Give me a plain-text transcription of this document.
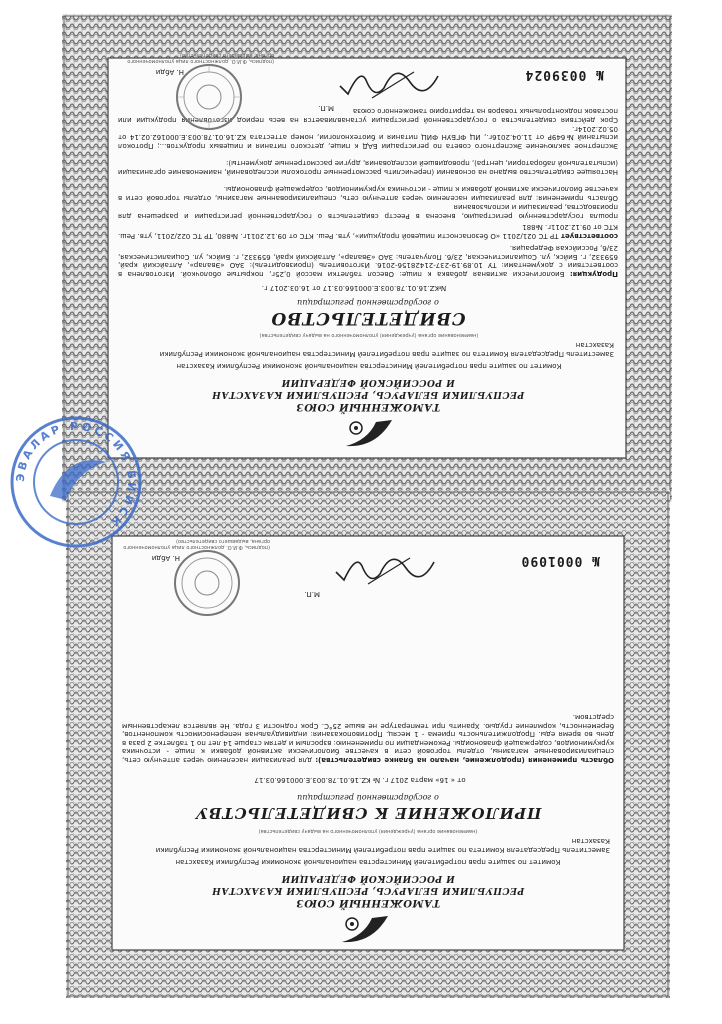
ТАМОЖЕННЫЙ СОЮЗ
РЕСПУБЛИКИ БЕЛАРУСЬ, РЕСПУБЛИКИ КАЗАХСТАН
И РОССИЙСКОЙ ФЕДЕРАЦИИ
Комитет по защите прав потребителей Министерства национальной экономики Республики Казахстан
Заместитель Председателя Комитета по защите прав потребителей Министерства национальной экономики Республики Казахстан
(наименование органа (учреждения) уполномоченного на выдачу свидетельства)
СВИДЕТЕЛЬСТВО
о государственной регистрации
№KZ.16.01.78.003.Е.000166.03.17 от 16.03.2017 г.
Продукция: Биологически активная добавка к пище: Овесол таблетки массой 0,25г, покрытые оболочкой. Изготовлена в соответствии с документами: ТУ 10.89.19-237-21428156-2016. Изготовитель (производитель): ЗАО «Эвалар», Алтайский край, 659332, г. Бийск, ул. Социалистическая, 23/6. Получатель: ЗАО «Эвалар», Алтайский край, 659332, г. Бийск, ул. Социалистическая, 23/6, Российская Федерация.
соответствует ТР ТС 021/2011 «О безопасности пищевой продукции», утв. Реш. КТС от 09.12.2011г. №880, ТР ТС 022/2011, утв. Реш. КТС от 09.12.2011г. №881
прошла государственную регистрацию, внесена в Реестр свидетельств о государственной регистрации и разрешена для производства, реализации и использования
Область применения: для реализации населению через аптечную сеть, специализированные магазины, отделы торговой сети в качестве биологически активной добавки к пище - источника куркуминоидов, содержащей флавоноиды.
Настоящее свидетельство выдано на основании (перечислить рассмотренные протоколы исследований, наименование организации (испытательной лаборатории, центра), проводившей исследования, другие рассмотренные документы):
Экспертное заключение Экспертного совета по регистрации БАД к пище, детского питания и пищевых продуктов...; Протокол испытаний №649Р от 11.04.2016г., ИЦ ФГБУН ФИЦ питания и биотехнологии, номер аттестата KZ.16.01.78.003.Е.000162.02.14 от 05.02.2014г.
Срок действия свидетельства о государственной регистрации устанавливается на весь период изготовления продукции или поставок подконтрольных товаров на территорию таможенного союза
М.П.
Н. Абди
(подпись, Ф.И.О. должностного лица уполномоченного органа, выдавшего свидетельство)
№ 0039024
ТАМОЖЕННЫЙ СОЮЗ
РЕСПУБЛИКИ БЕЛАРУСЬ, РЕСПУБЛИКИ КАЗАХСТАН
И РОССИЙСКОЙ ФЕДЕРАЦИИ
Комитет по защите прав потребителей Министерства национальной экономики Республики Казахстан
Заместитель Председателя Комитета по защите прав потребителей Министерства национальной экономики Республики Казахстан
(наименование органа (учреждения) уполномоченного на выдачу свидетельства)
ПРИЛОЖЕНИЕ К СВИДЕТЕЛЬСТВУ
о государственной регистрации
от « 16» марта 2017 г. № KZ.16.01.78.003.Е.000166.03.17
Область применения (продолжение, начало на бланке свидетельства): для реализации населению через аптечную сеть, специализированные магазины, отделы торговой сети в качестве биологически активной добавки к пище - источника куркуминоидов, содержащей флавоноиды. Рекомендации по применению: взрослым и детям старше 14 лет по 1 таблетке 2 раза в день во время еды. Продолжительность приема - 1 месяц. Противопоказания: индивидуальная непереносимость компонентов, беременность, кормление грудью. Хранить при температуре не выше 25°С. Срок годности 3 года. Не является лекарственным средством.
М.П.
Н. Абди
(подпись, Ф.И.О. должностного лица уполномоченного органа, выдавшего свидетельство)
№ 0001090
ЭВАЛАР РОССИЯ БИЙСК
